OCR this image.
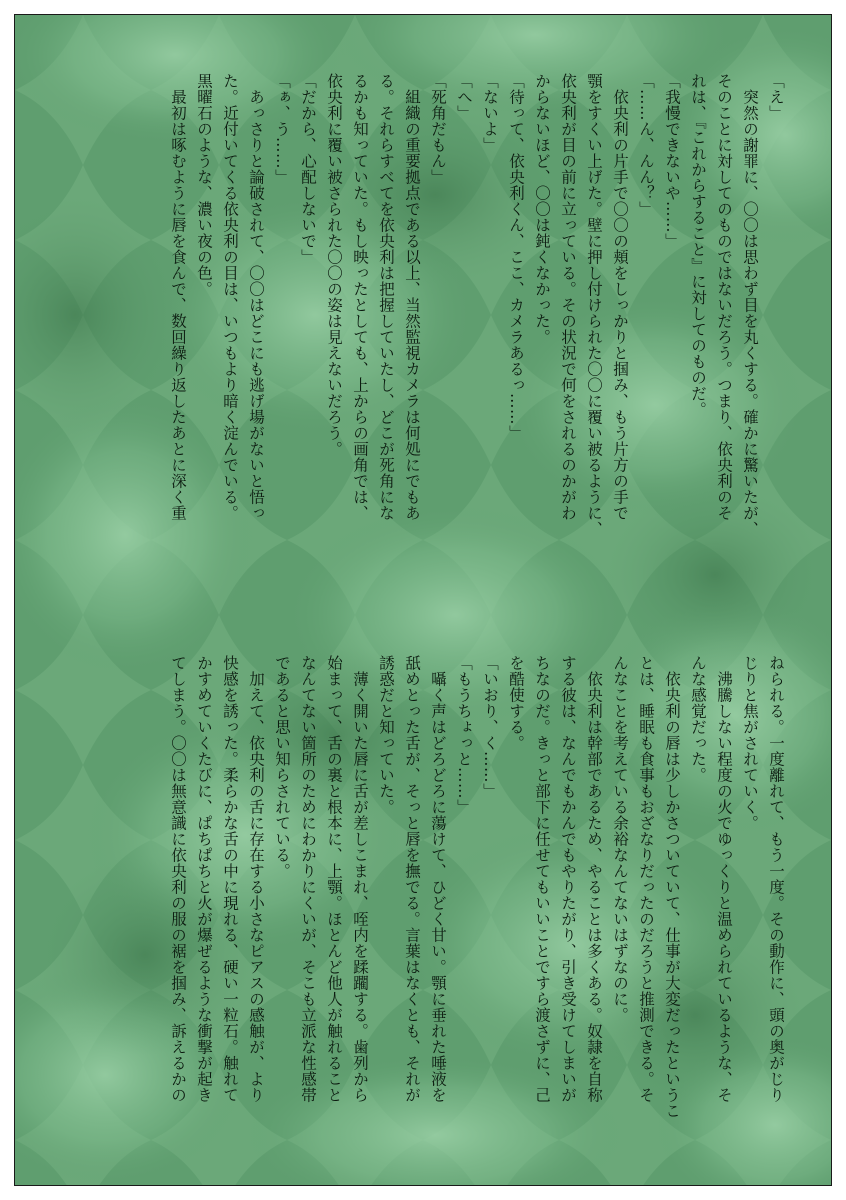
「え」
　突然の謝罪に、〇〇は思わず目を丸くする。確かに驚いたが、
そのことに対してのものではないだろう。つまり、依央利のそ
れは、『これからすること』に対してのものだ。
「我慢できないや……」
「……ん、んん？」
　依央利の片手で〇〇の頬をしっかりと掴み、もう片方の手で
顎をすくい上げた。壁に押し付けられた〇〇に覆い被るように、
依央利が目の前に立っている。その状況で何をされるのかがわ
からないほど、〇〇は鈍くなかった。
「待って、依央利くん、ここ、カメラあるっ……」
「ないよ」
「へ」
「死角だもん」
　組織の重要拠点である以上、当然監視カメラは何処にでもあ
る。それらすべてを依央利は把握していたし、どこが死角にな
るかも知っていた。もし映ったとしても、上からの画角では、
依央利に覆い被さられた〇〇の姿は見えないだろう。
「だから、心配しないで」
「ぁ、う……」
　あっさりと論破されて、〇〇はどこにも逃げ場がないと悟っ
た。近付いてくる依央利の目は、いつもより暗く淀んでいる。
黒曜石のような、濃い夜の色。
　最初は啄むように唇を食んで、数回繰り返したあとに深く重
ねられる。一度離れて、もう一度。その動作に、頭の奥がじり
じりと焦がされていく。
　沸騰しない程度の火でゆっくりと温められているような、そ
んな感覚だった。
　依央利の唇は少しかさついていて、仕事が大変だったというこ
とは、睡眠も食事もおざなりだったのだろうと推測できる。そ
んなことを考えている余裕なんてないはずなのに。
　依央利は幹部であるため、やることは多くある。奴隷を自称
する彼は、なんでもかんでもやりたがり、引き受けてしまいが
ちなのだ。きっと部下に任せてもいいことですら渡さずに、己
を酷使する。
「いおり、く……」
「もうちょっと……」
　囁く声はどろどろに蕩けて、ひどく甘い。顎に垂れた唾液を
舐めとった舌が、そっと唇を撫でる。言葉はなくとも、それが
誘惑だと知っていた。
　薄く開いた唇に舌が差しこまれ、咥内を蹂躙する。歯列から
始まって、舌の裏と根本に、上顎。ほとんど他人が触れること
なんてない箇所のためにわかりにくいが、そこも立派な性感帯
であると思い知らされている。
　加えて、依央利の舌に存在する小さなピアスの感触が、より
快感を誘った。柔らかな舌の中に現れる、硬い一粒石。触れて
かすめていくたびに、ぱちぱちと火が爆ぜるような衝撃が起き
てしまう。〇〇は無意識に依央利の服の裾を掴み、訴えるかの
